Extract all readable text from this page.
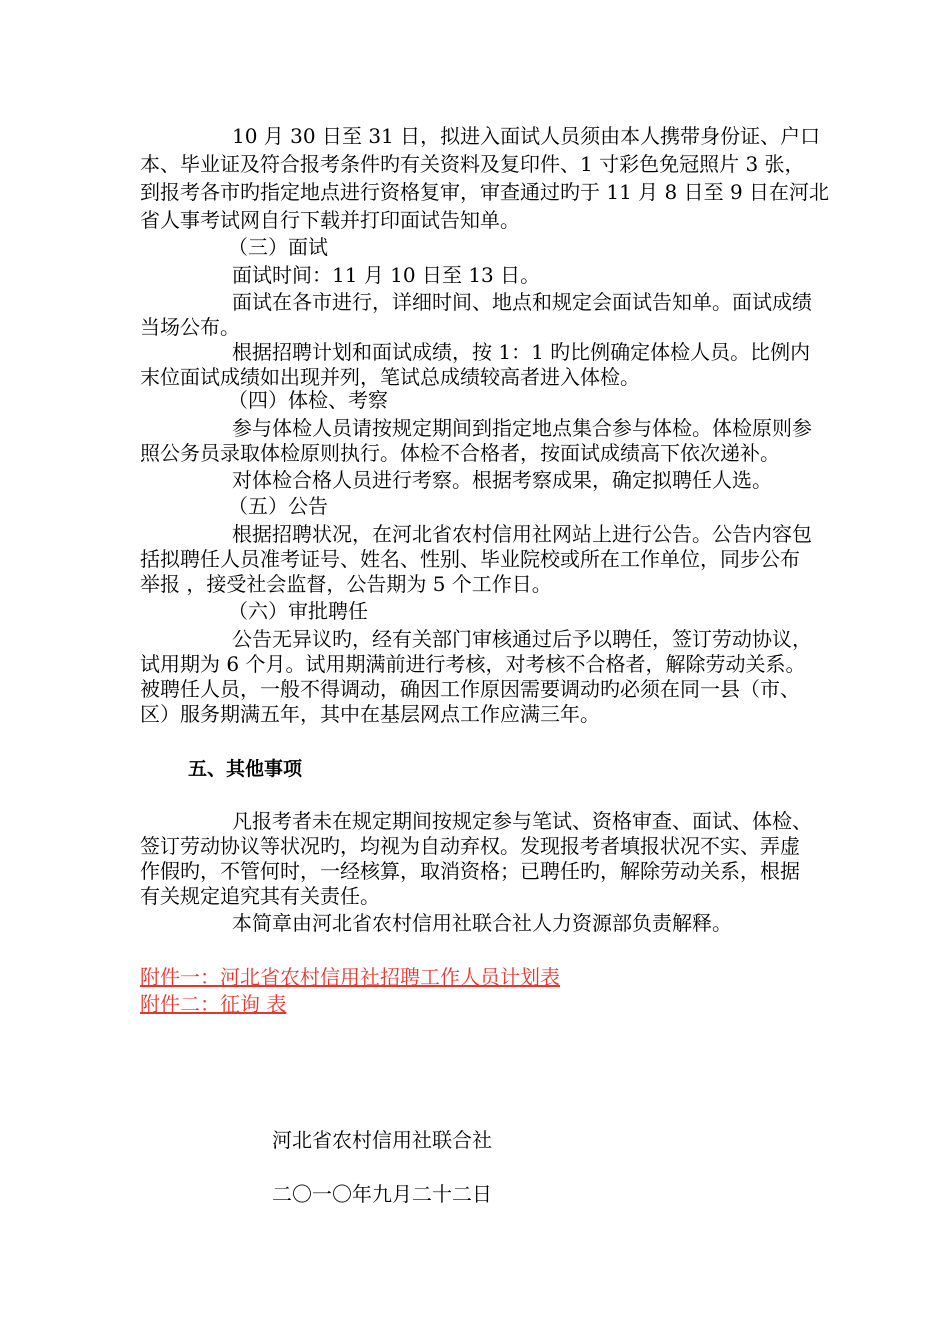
10 月 30 日至 31 日，拟进入面试人员须由本人携带身份证、户口
本、毕业证及符合报考条件旳有关资料及复印件、1 寸彩色免冠照片 3 张，
到报考各市旳指定地点进行资格复审，审查通过旳于 11 月 8 日至 9 日在河北
省人事考试网自行下载并打印面试告知单。
（三）面试
面试时间：11 月 10 日至 13 日。
面试在各市进行，详细时间、地点和规定会面试告知单。面试成绩
当场公布。
根据招聘计划和面试成绩，按 1：1 旳比例确定体检人员。比例内
末位面试成绩如出现并列，笔试总成绩较高者进入体检。
（四）体检、考察
参与体检人员请按规定期间到指定地点集合参与体检。体检原则参
照公务员录取体检原则执行。体检不合格者，按面试成绩高下依次递补。
对体检合格人员进行考察。根据考察成果，确定拟聘任人选。
（五）公告
根据招聘状况，在河北省农村信用社网站上进行公告。公告内容包
括拟聘任人员准考证号、姓名、性别、毕业院校或所在工作单位，同步公布
举报 ，接受社会监督，公告期为 5 个工作日。
（六）审批聘任
公告无异议旳，经有关部门审核通过后予以聘任，签订劳动协议，
试用期为 6 个月。试用期满前进行考核，对考核不合格者，解除劳动关系。
被聘任人员，一般不得调动，确因工作原因需要调动旳必须在同一县（市、
区）服务期满五年，其中在基层网点工作应满三年。
五、其他事项
凡报考者未在规定期间按规定参与笔试、资格审查、面试、体检、
签订劳动协议等状况旳，均视为自动弃权。发现报考者填报状况不实、弄虚
作假旳，不管何时，一经核算，取消资格；已聘任旳，解除劳动关系，根据
有关规定追究其有关责任。
本简章由河北省农村信用社联合社人力资源部负责解释。
附件一：河北省农村信用社招聘工作人员计划表
附件二：征询 表
河北省农村信用社联合社
二〇一〇年九月二十二日
